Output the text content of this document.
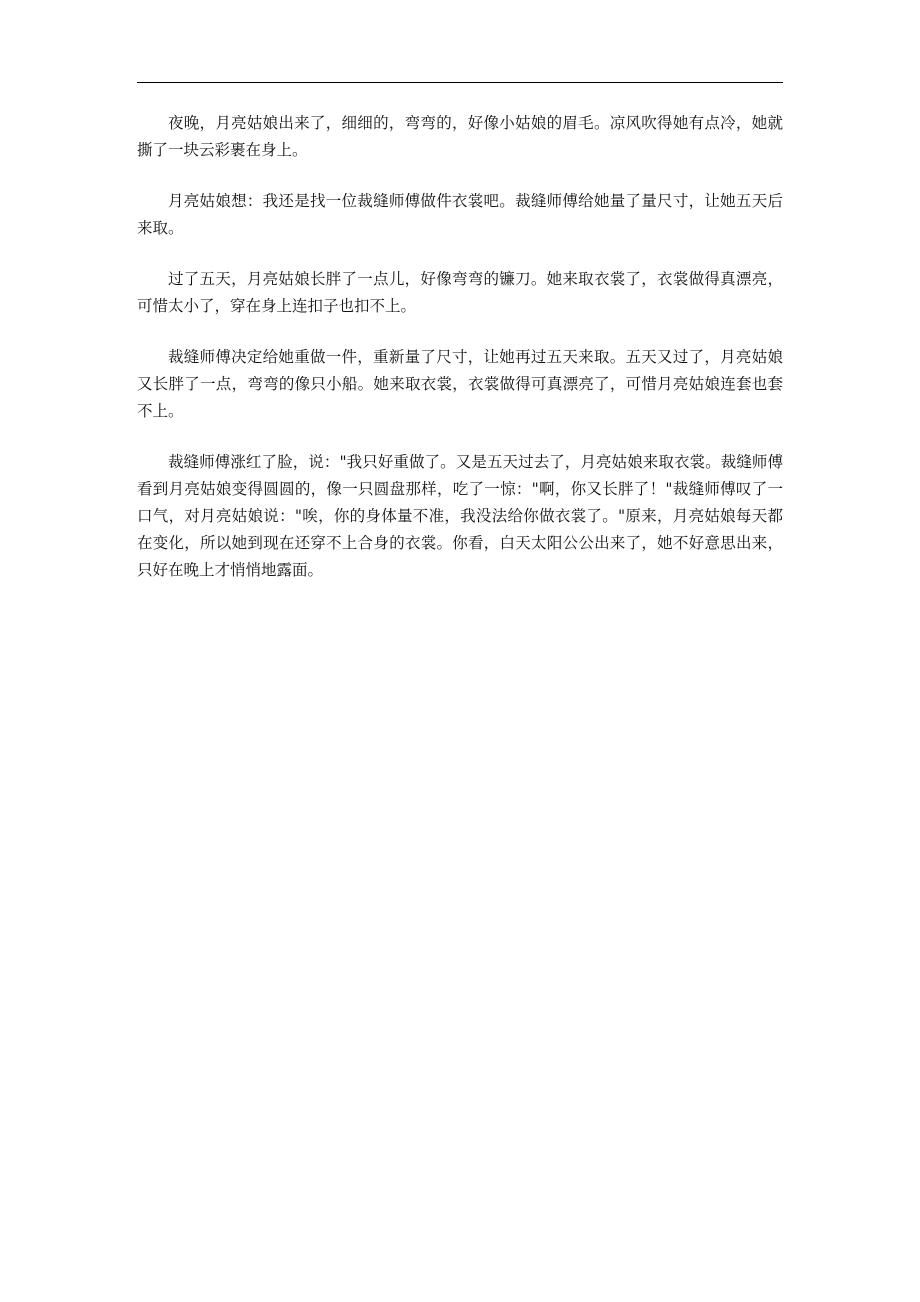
夜晚，月亮姑娘出来了，细细的，弯弯的，好像小姑娘的眉毛。凉风吹得她有点冷，她就撕了一块云彩裹在身上。

月亮姑娘想：我还是找一位裁缝师傅做件衣裳吧。裁缝师傅给她量了量尺寸，让她五天后来取。

过了五天，月亮姑娘长胖了一点儿，好像弯弯的镰刀。她来取衣裳了，衣裳做得真漂亮，可惜太小了，穿在身上连扣子也扣不上。

裁缝师傅决定给她重做一件，重新量了尺寸，让她再过五天来取。五天又过了，月亮姑娘又长胖了一点，弯弯的像只小船。她来取衣裳，衣裳做得可真漂亮了，可惜月亮姑娘连套也套不上。

裁缝师傅涨红了脸，说："我只好重做了。又是五天过去了，月亮姑娘来取衣裳。裁缝师傅看到月亮姑娘变得圆圆的，像一只圆盘那样，吃了一惊："啊，你又长胖了！"裁缝师傅叹了一口气，对月亮姑娘说："唉，你的身体量不准，我没法给你做衣裳了。"原来，月亮姑娘每天都在变化，所以她到现在还穿不上合身的衣裳。你看，白天太阳公公出来了，她不好意思出来，只好在晚上才悄悄地露面。
